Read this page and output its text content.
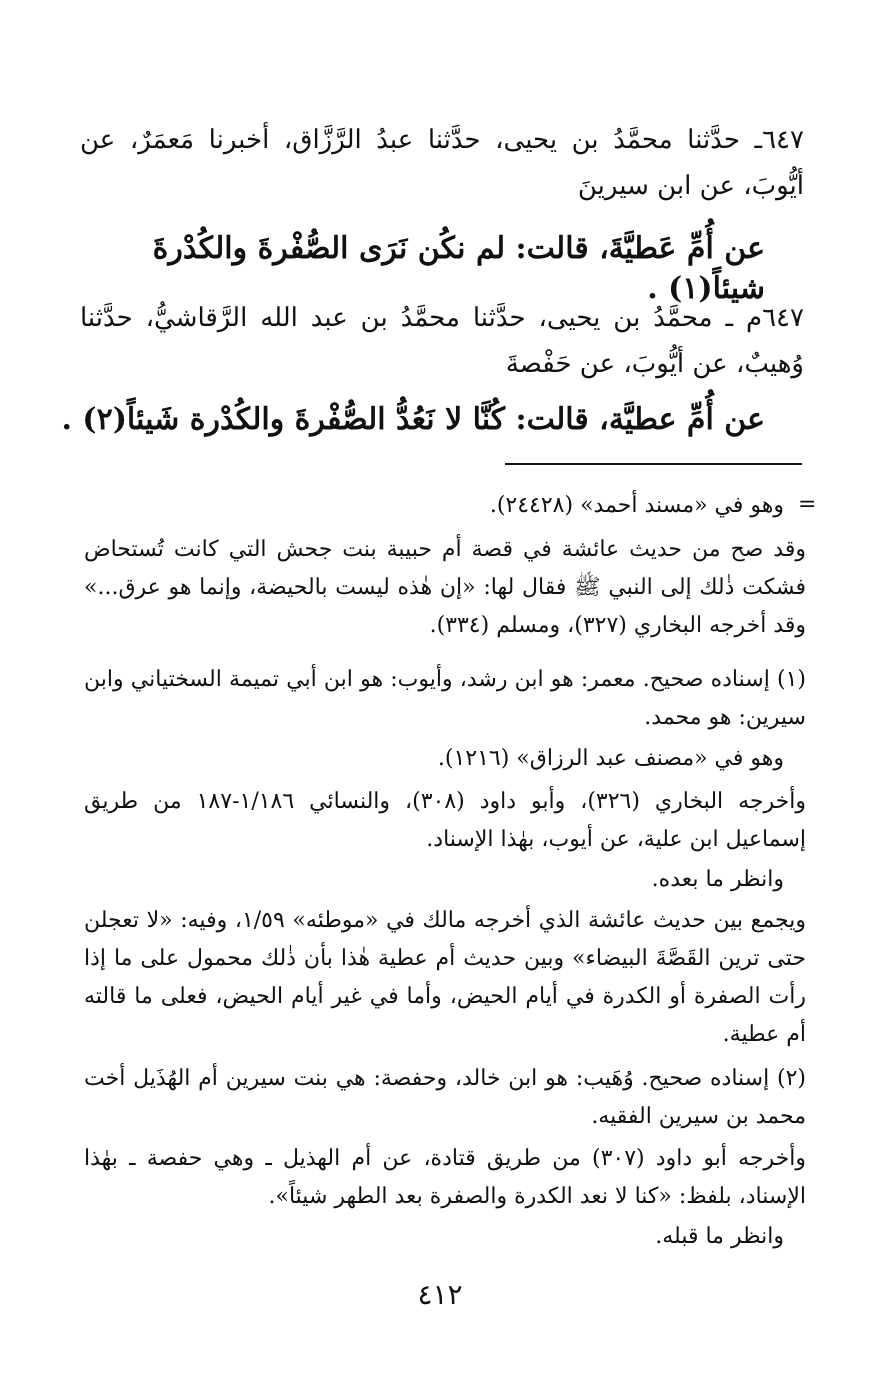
٦٤٧ـ حدَّثنا محمَّدُ بن يحيى، حدَّثنا عبدُ الرَّزَّاق، أخبرنا مَعمَرٌ، عن أيُّوبَ، عن ابن سيرينَ
عن أُمِّ عَطيَّةَ، قالت: لم نكُن نَرَى الصُّفْرةَ والكُدْرةَ شيئاً(١) .
٦٤٧م ـ محمَّدُ بن يحيى، حدَّثنا محمَّدُ بن عبد الله الرَّقاشيُّ، حدَّثنا وُهيبٌ، عن أيُّوبَ، عن حَفْصةَ
عن أُمِّ عطيَّة، قالت: كُنَّا لا نَعُدُّ الصُّفْرةَ والكُدْرة شَيئاً(٢) .
=
وهو في «مسند أحمد» (٢٤٤٢٨).
وقد صح من حديث عائشة في قصة أم حبيبة بنت جحش التي كانت تُستحاض فشكت ذٰلك إلى النبي ﷺ فقال لها: «إن هٰذه ليست بالحيضة، وإنما هو عرق...» وقد أخرجه البخاري (٣٢٧)، ومسلم (٣٣٤).
(١) إسناده صحيح. معمر: هو ابن رشد، وأيوب: هو ابن أبي تميمة السختياني وابن سيرين: هو محمد.
وهو في «مصنف عبد الرزاق» (١٢١٦).
وأخرجه البخاري (٣٢٦)، وأبو داود (٣٠٨)، والنسائي ١/١٨٦-١٨٧ من طريق إسماعيل ابن علية، عن أيوب، بهٰذا الإسناد.
وانظر ما بعده.
ويجمع بين حديث عائشة الذي أخرجه مالك في «موطئه» ١/٥٩، وفيه: «لا تعجلن حتى ترين القَصَّةَ البيضاء» وبين حديث أم عطية هٰذا بأن ذٰلك محمول على ما إذا رأت الصفرة أو الكدرة في أيام الحيض، وأما في غير أيام الحيض، فعلى ما قالته أم عطية.
(٢) إسناده صحيح. وُهَيب: هو ابن خالد، وحفصة: هي بنت سيرين أم الهُذَيل أخت محمد بن سيرين الفقيه.
وأخرجه أبو داود (٣٠٧) من طريق قتادة، عن أم الهذيل ـ وهي حفصة ـ بهٰذا الإسناد، بلفظ: «كنا لا نعد الكدرة والصفرة بعد الطهر شيئاً».
وانظر ما قبله.
٤١٢
